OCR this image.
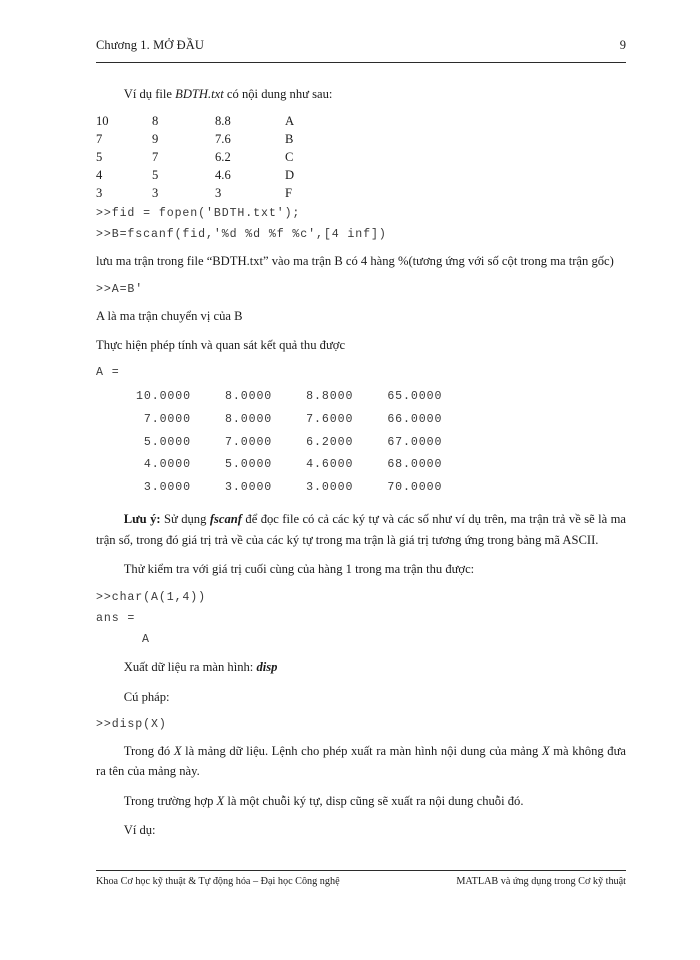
Chương 1. MỞ ĐẦU	9

Ví dụ file BDTH.txt có nội dung như sau:

10	8	8.8	A
7	9	7.6	B
5	7	6.2	C
4	5	4.6	D
3	3	3	F

>>fid = fopen('BDTH.txt');

>>B=fscanf(fid,'%d %d %f %c',[4 inf])

lưu ma trận trong file “BDTH.txt” vào ma trận B có 4 hàng %(tương ứng với số cột trong ma trận gốc)

>>A=B'

A là ma trận chuyển vị của B

Thực hiện phép tính và quan sát kết quả thu được

A =

10.0000	8.0000	8.8000	65.0000
7.0000	8.0000	7.6000	66.0000
5.0000	7.0000	6.2000	67.0000
4.0000	5.0000	4.6000	68.0000
3.0000	3.0000	3.0000	70.0000

Lưu ý: Sử dụng fscanf để đọc file có cả các ký tự và các số như ví dụ trên, ma trận trả về sẽ là ma trận số, trong đó giá trị trả về của các ký tự trong ma trận là giá trị tương ứng trong bảng mã ASCII.

Thử kiểm tra với giá trị cuối cùng của hàng 1 trong ma trận thu được:

>>char(A(1,4))

ans =

A

Xuất dữ liệu ra màn hình: disp

Cú pháp:

>>disp(X)

Trong đó X là mảng dữ liệu. Lệnh cho phép xuất ra màn hình nội dung của mảng X mà không đưa ra tên của mảng này.

Trong trường hợp X là một chuỗi ký tự, disp cũng sẽ xuất ra nội dung chuỗi đó.

Ví dụ:

Khoa Cơ học kỹ thuật & Tự động hóa – Đại học Công nghệ	MATLAB và ứng dụng trong Cơ kỹ thuật
